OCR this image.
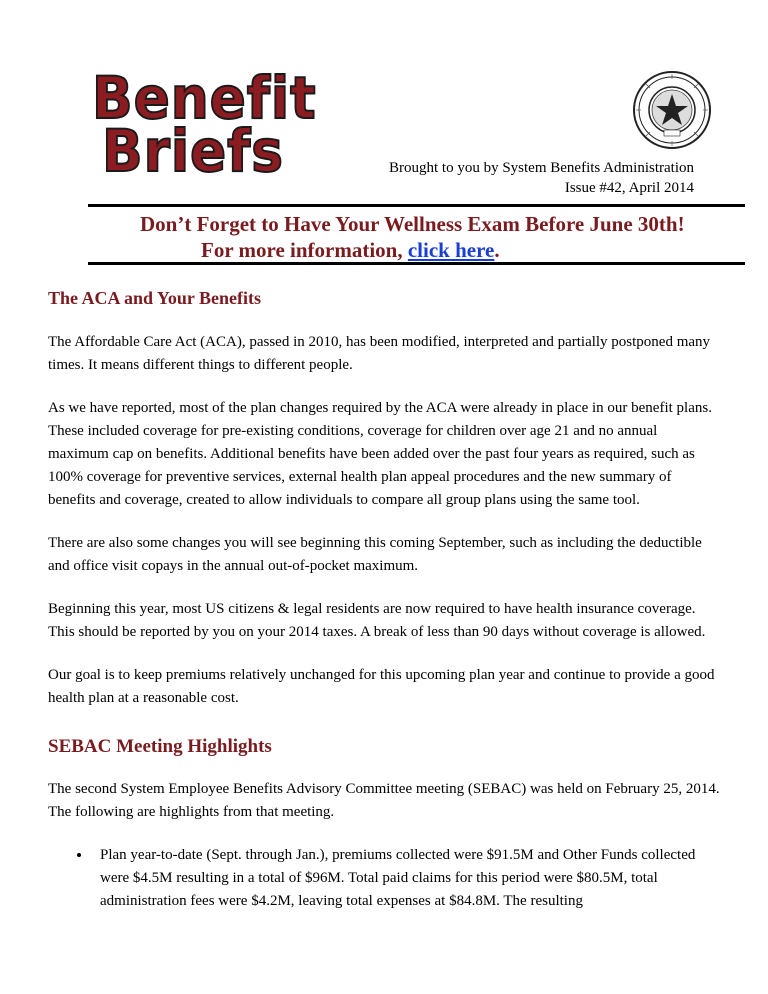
Benefit
Briefs	Brought to you by System Benefits Administration
Issue #42, April 2014
Don’t Forget to Have Your Wellness Exam Before June 30th!
For more information, click here.
The ACA and Your Benefits

The Affordable Care Act (ACA), passed in 2010, has been modified, interpreted and partially postponed many times. It means different things to different people.

As we have reported, most of the plan changes required by the ACA were already in place in our benefit plans. These included coverage for pre-existing conditions, coverage for children over age 21 and no annual maximum cap on benefits. Additional benefits have been added over the past four years as required, such as 100% coverage for preventive services, external health plan appeal procedures and the new summary of benefits and coverage, created to allow individuals to compare all group plans using the same tool.

There are also some changes you will see beginning this coming September, such as including the deductible and office visit copays in the annual out-of-pocket maximum.

Beginning this year, most US citizens & legal residents are now required to have health insurance coverage. This should be reported by you on your 2014 taxes. A break of less than 90 days without coverage is allowed.

Our goal is to keep premiums relatively unchanged for this upcoming plan year and continue to provide a good health plan at a reasonable cost.

SEBAC Meeting Highlights

The second System Employee Benefits Advisory Committee meeting (SEBAC) was held on February 25, 2014. The following are highlights from that meeting.

• Plan year-to-date (Sept. through Jan.), premiums collected were $91.5M and Other Funds collected were $4.5M resulting in a total of $96M. Total paid claims for this period were $80.5M, total administration fees were $4.2M, leaving total expenses at $84.8M. The resulting
